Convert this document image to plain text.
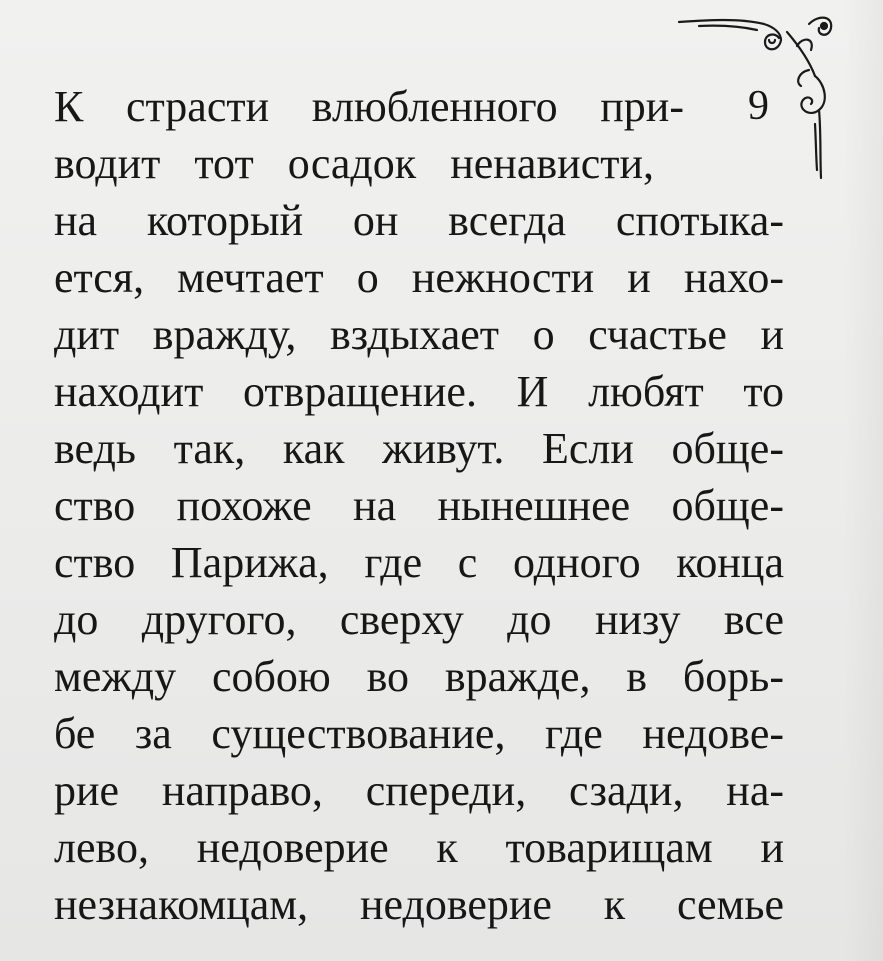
9
К страсти влюбленного при-
водит тот осадок ненависти,
на который он всегда спотыка-
ется, мечтает о нежности и нахо-
дит вражду, вздыхает о счастье и
находит отвращение. И любят то
ведь так, как живут. Если обще-
ство похоже на нынешнее обще-
ство Парижа, где с одного конца
до другого, сверху до низу все
между собою во вражде, в борь-
бе за существование, где недове-
рие направо, спереди, сзади, на-
лево, недоверие к товарищам и
незнакомцам, недоверие к семье
